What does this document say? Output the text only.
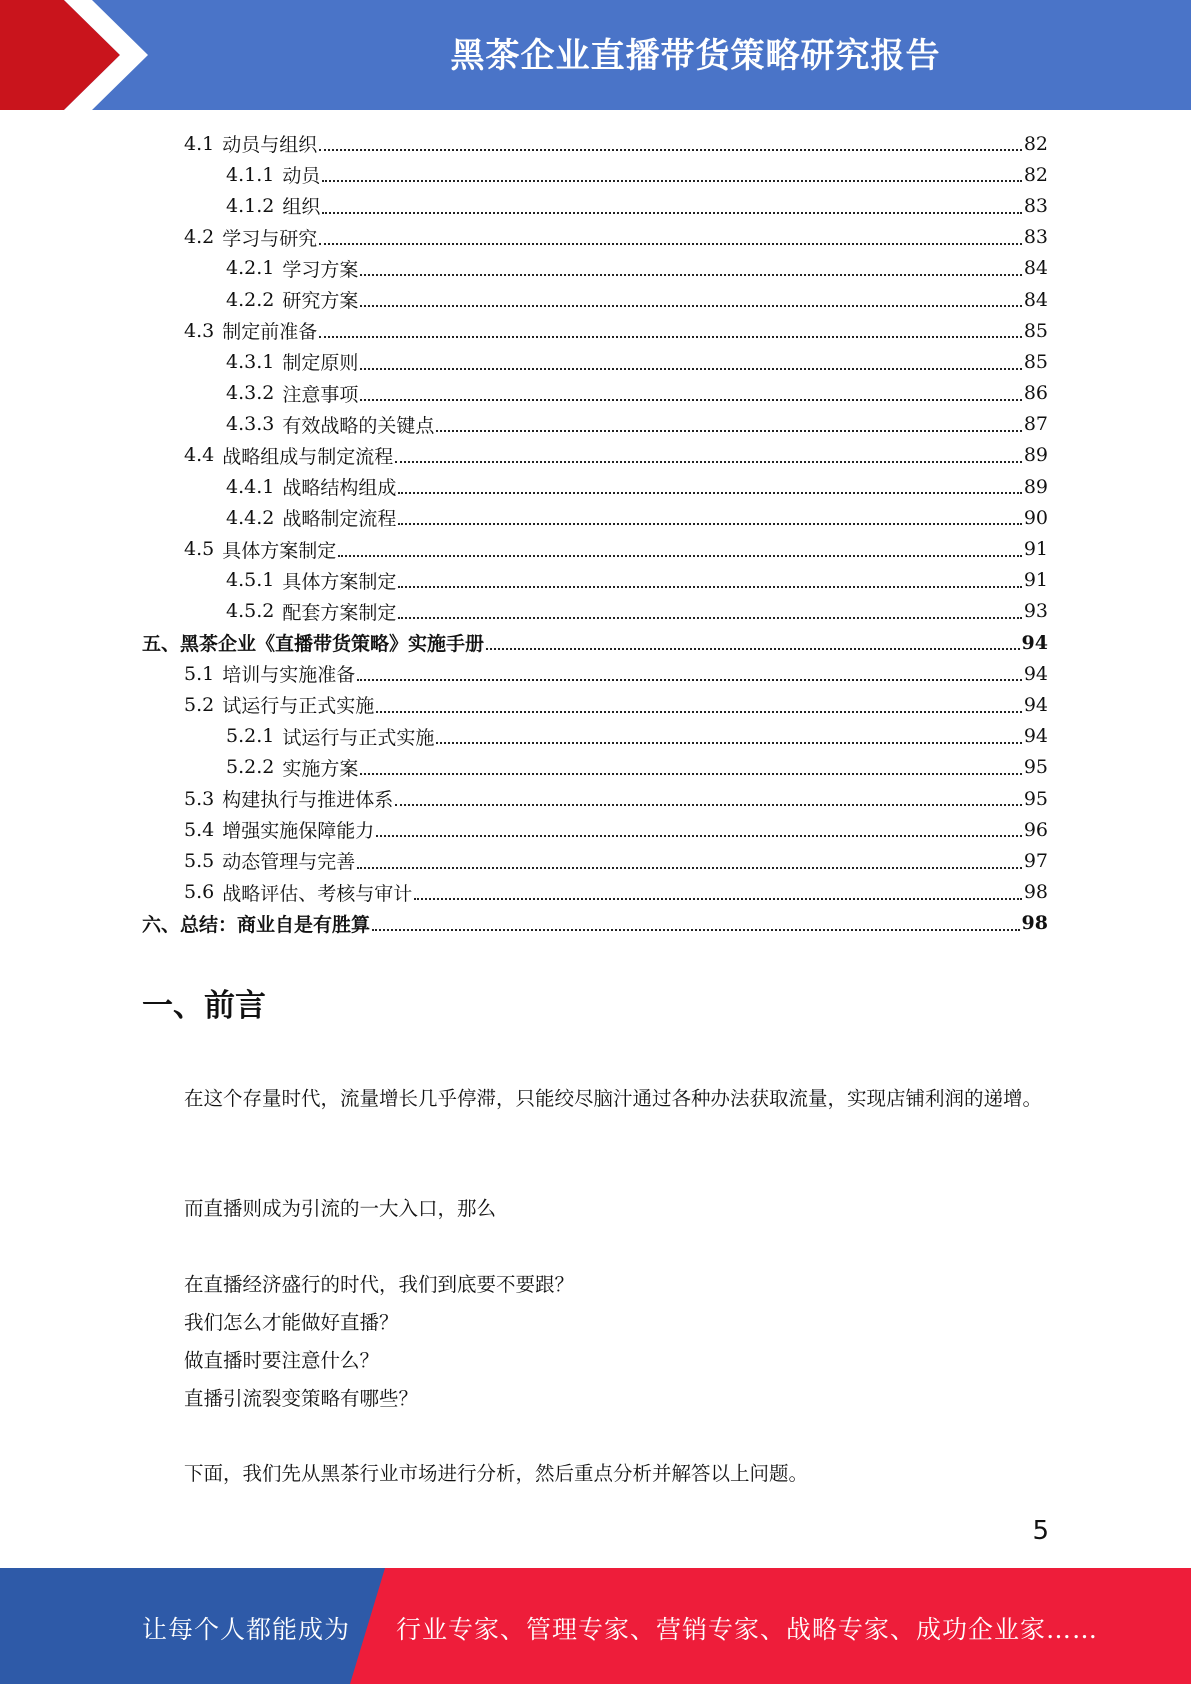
黑茶企业直播带货策略研究报告
4.1 动员与组织	82
4.1.1 动员	82
4.1.2 组织	83
4.2 学习与研究	83
4.2.1 学习方案	84
4.2.2 研究方案	84
4.3 制定前准备	85
4.3.1 制定原则	85
4.3.2 注意事项	86
4.3.3 有效战略的关键点	87
4.4 战略组成与制定流程	89
4.4.1 战略结构组成	89
4.4.2 战略制定流程	90
4.5 具体方案制定	91
4.5.1 具体方案制定	91
4.5.2 配套方案制定	93
五、黑茶企业《直播带货策略》实施手册	94
5.1 培训与实施准备	94
5.2 试运行与正式实施	94
5.2.1 试运行与正式实施	94
5.2.2 实施方案	95
5.3 构建执行与推进体系	95
5.4 增强实施保障能力	96
5.5 动态管理与完善	97
5.6 战略评估、考核与审计	98
六、总结：商业自是有胜算	98
一、前言
在这个存量时代，流量增长几乎停滞，只能绞尽脑汁通过各种办法获取流量，实现店铺利润的递增。
而直播则成为引流的一大入口，那么
在直播经济盛行的时代，我们到底要不要跟？
我们怎么才能做好直播？
做直播时要注意什么？
直播引流裂变策略有哪些？
下面，我们先从黑茶行业市场进行分析，然后重点分析并解答以上问题。
5
让每个人都能成为 行业专家、管理专家、营销专家、战略专家、成功企业家……
